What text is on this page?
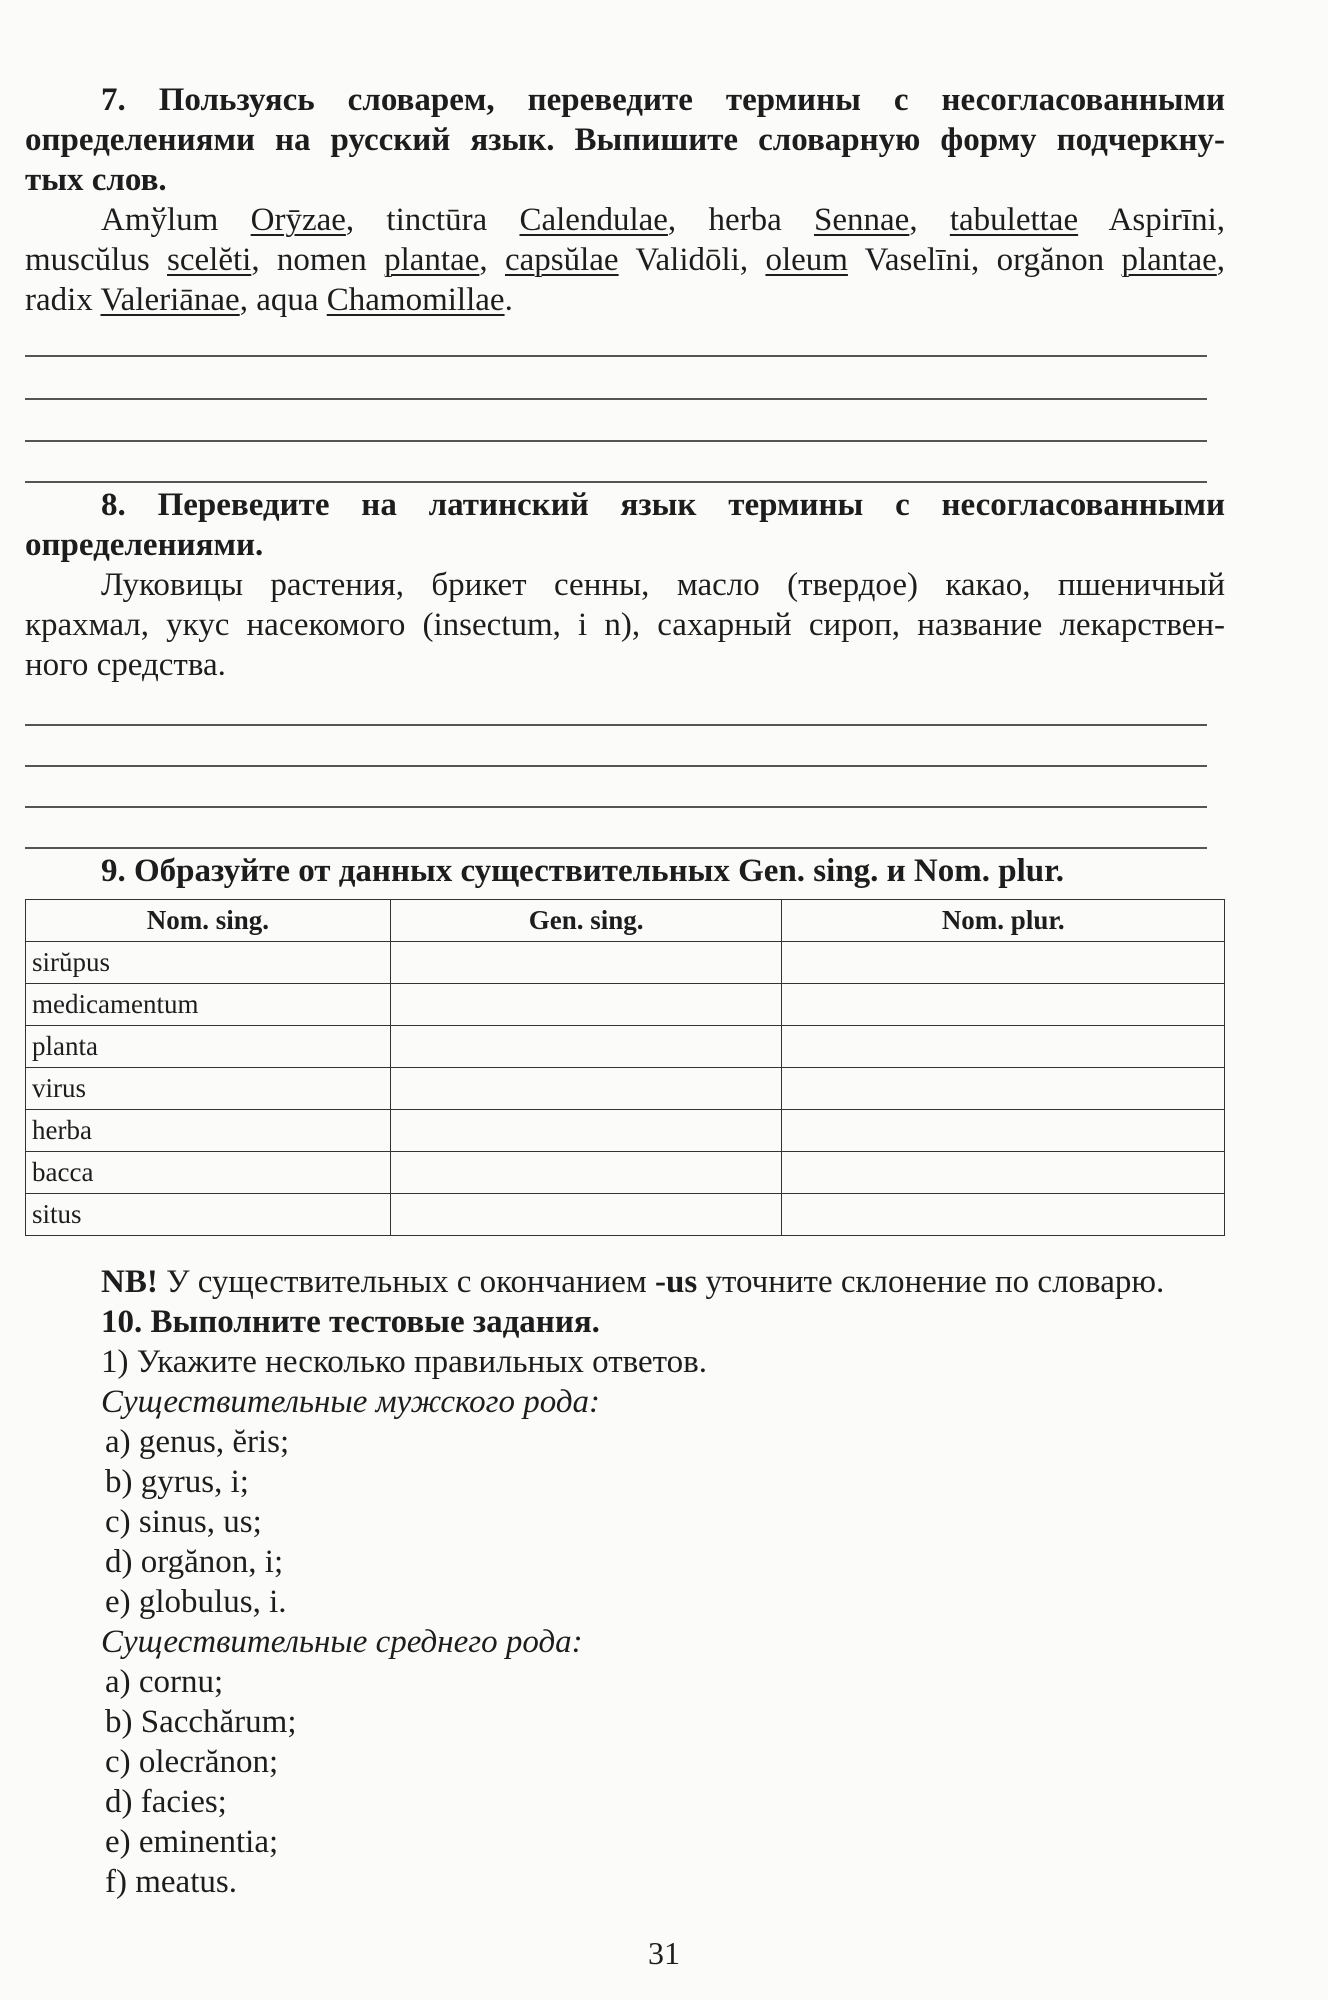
7. Пользуясь словарем, переведите термины с несогласованными

определениями на русский язык. Выпишите словарную форму подчеркну-

тых слов.

Amўlum Orȳzae, tinctūra Calendulae, herba Sennae, tabulettae Aspirīni,

muscŭlus scelĕti, nomen plantae, capsŭlae Validōli, oleum Vaselīni, orgănon plantae,

radix Valeriānae, aqua Chamomillae.

8. Переведите на латинский язык термины с несогласованными

определениями.

Луковицы растения, брикет сенны, масло (твердое) какао, пшеничный

крахмал, укус насекомого (insectum, i n), сахарный сироп, название лекарствен-

ного средства.

9. Образуйте от данных существительных Gen. sing. и Nom. plur.

Nom. sing.	Gen. sing.	Nom. plur.
sirŭpus		
medicamentum		
planta		
virus		
herba		
bacca		
situs		

NB! У существительных с окончанием -us уточните склонение по словарю.

10. Выполните тестовые задания.

1) Укажите несколько правильных ответов.

Существительные мужского рода:

a) genus, ĕris;

b) gyrus, i;

c) sinus, us;

d) orgănon, i;

e) globulus, i.

Существительные среднего рода:

a) cornu;

b) Sacchărum;

c) olecrănon;

d) facies;

e) eminentia;

f) meatus.

31
